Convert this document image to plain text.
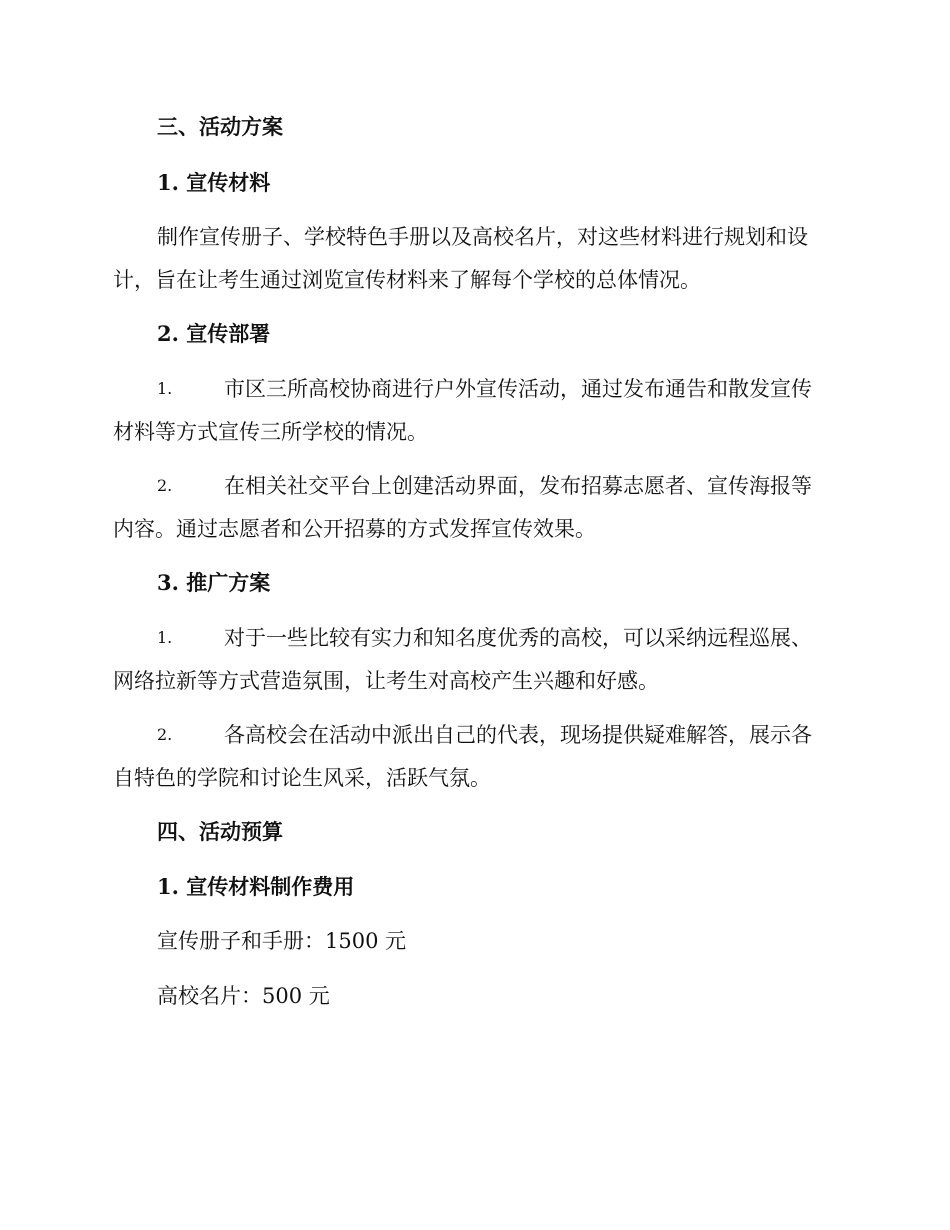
三、活动方案
1. 宣传材料
制作宣传册子、学校特色手册以及高校名片，对这些材料进行规划和设
计，旨在让考生通过浏览宣传材料来了解每个学校的总体情况。
2. 宣传部署
1. 市区三所高校协商进行户外宣传活动，通过发布通告和散发宣传
材料等方式宣传三所学校的情况。
2. 在相关社交平台上创建活动界面，发布招募志愿者、宣传海报等
内容。通过志愿者和公开招募的方式发挥宣传效果。
3. 推广方案
1. 对于一些比较有实力和知名度优秀的高校，可以采纳远程巡展、
网络拉新等方式营造氛围，让考生对高校产生兴趣和好感。
2. 各高校会在活动中派出自己的代表，现场提供疑难解答，展示各
自特色的学院和讨论生风采，活跃气氛。
四、活动预算
1. 宣传材料制作费用
宣传册子和手册：1500 元
高校名片：500 元
